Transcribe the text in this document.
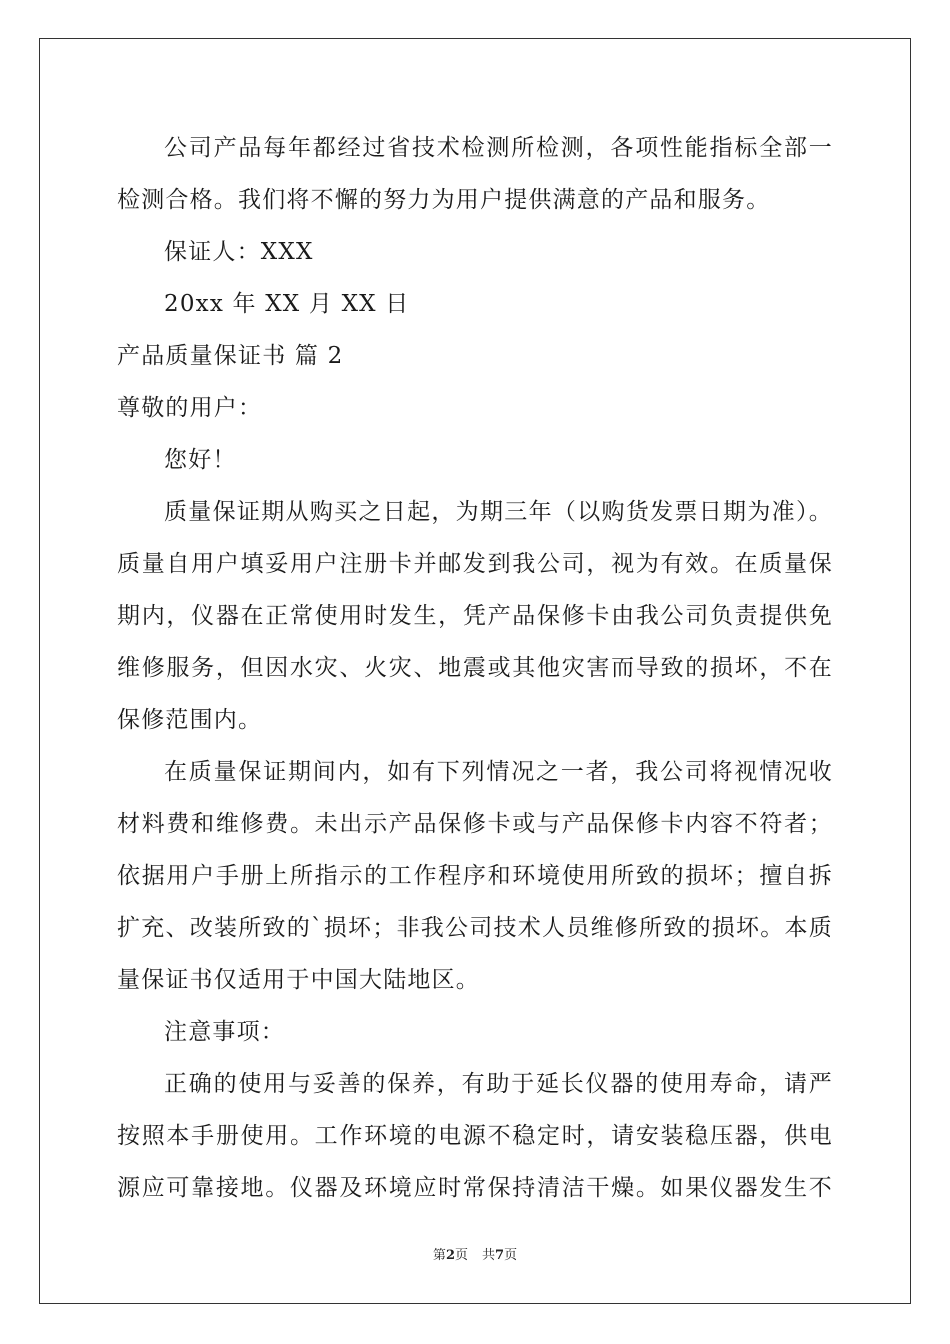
公司产品每年都经过省技术检测所检测，各项性能指标全部一
检测合格。我们将不懈的努力为用户提供满意的产品和服务。
保证人：XXX
20xx 年 XX 月 XX 日
产品质量保证书 篇 2
尊敬的用户：
您好！
质量保证期从购买之日起，为期三年（以购货发票日期为准）。
质量自用户填妥用户注册卡并邮发到我公司，视为有效。在质量保
期内，仪器在正常使用时发生，凭产品保修卡由我公司负责提供免
维修服务，但因水灾、火灾、地震或其他灾害而导致的损坏，不在
保修范围内。
在质量保证期间内，如有下列情况之一者，我公司将视情况收
材料费和维修费。未出示产品保修卡或与产品保修卡内容不符者；
依据用户手册上所指示的工作程序和环境使用所致的损坏；擅自拆
扩充、改装所致的`损坏；非我公司技术人员维修所致的损坏。本质
量保证书仅适用于中国大陆地区。
注意事项：
正确的使用与妥善的保养，有助于延长仪器的使用寿命，请严
按照本手册使用。工作环境的电源不稳定时，请安装稳压器，供电
源应可靠接地。仪器及环境应时常保持清洁干燥。如果仪器发生不
第2页 共7页
